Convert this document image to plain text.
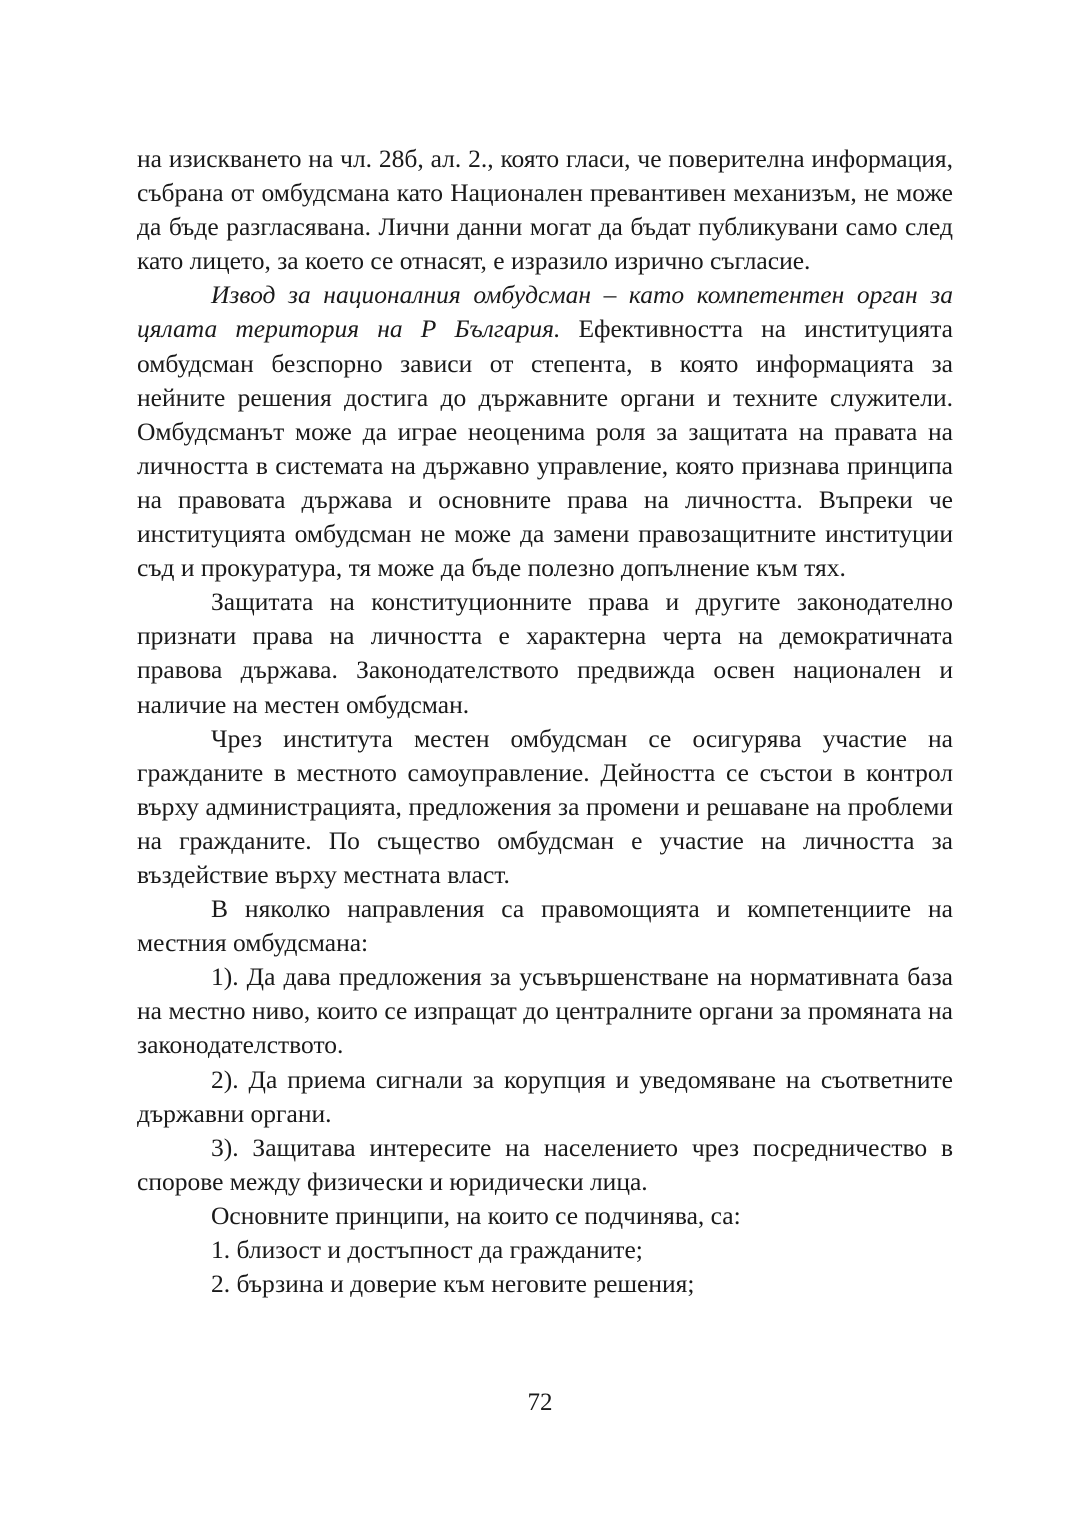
на изискването на чл. 28б, ал. 2., която гласи, че поверителна информация, събрана от омбудсмана като Национален превантивен механизъм, не може да бъде разгласявана. Лични данни могат да бъдат публикувани само след като лицето, за което се отнасят, е изразило изрично съгласие.

Извод за националния омбудсман – като компетентен орган за цялата територия на Р България. Ефективността на институцията омбудсман безспорно зависи от степента, в която информацията за нейните решения достига до държавните органи и техните служители. Омбудсманът може да играе неоценима роля за защитата на правата на личността в системата на държавно управление, която признава принципа на правовата държава и основните права на личността. Въпреки че институцията омбудсман не може да замени правозащитните институции съд и прокуратура, тя може да бъде полезно допълнение към тях.

Защитата на конституционните права и другите законодателно признати права на личността е характерна черта на демократичната правова държава. Законодателството предвижда освен национален и наличие на местен омбудсман.

Чрез института местен омбудсман се осигурява участие на гражданите в местното самоуправление. Дейността се състои в контрол върху администрацията, предложения за промени и решаване на проблеми на гражданите. По същество омбудсман е участие на личността за въздействие върху местната власт.

В няколко направления са правомощията и компетенциите на местния омбудсмана:

1). Да дава предложения за усъвършенстване на нормативната база на местно ниво, които се изпращат до централните органи за промяната на законодателството.

2). Да приема сигнали за корупция и уведомяване на съответните държавни органи.

3). Защитава интересите на населението чрез посредничество в спорове между физически и юридически лица.

Основните принципи, на които се подчинява, са:

1. близост и достъпност да гражданите;

2. бързина и доверие към неговите решения;

72
